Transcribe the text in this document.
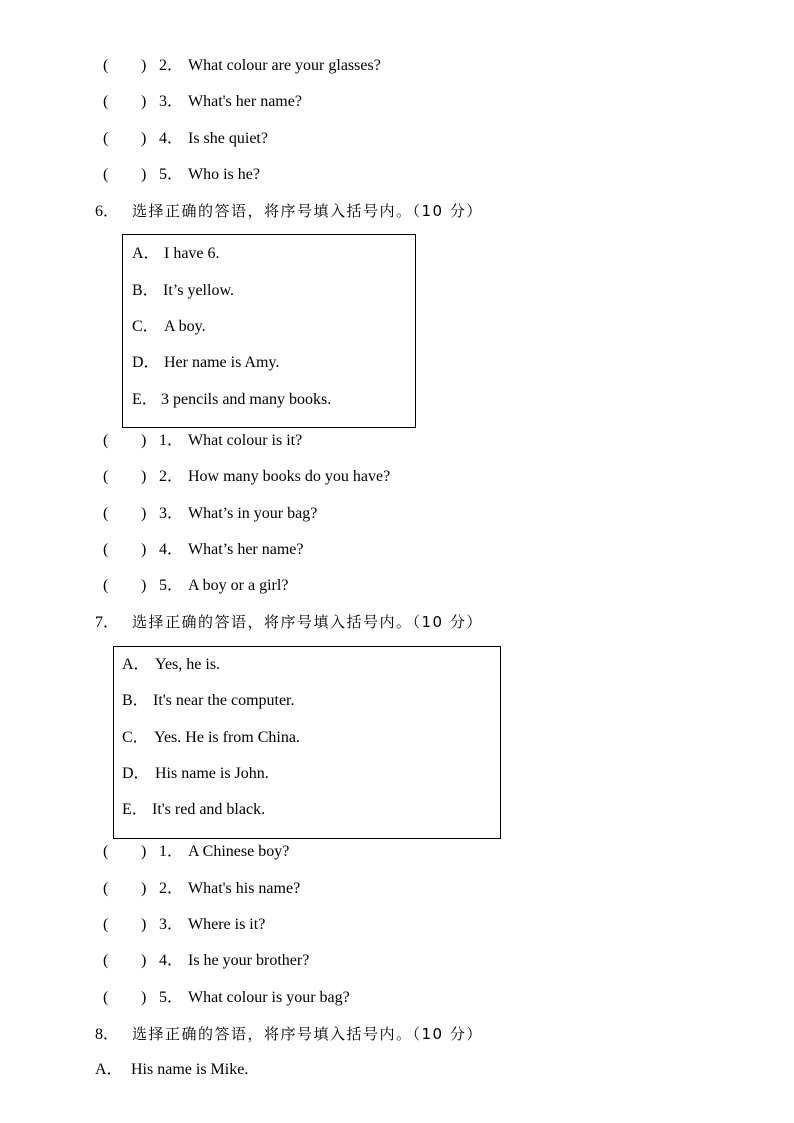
( ) 2． What colour are your glasses?
( ) 3． What's her name?
( ) 4． Is she quiet?
( ) 5． Who is he?
6． 选择正确的答语，将序号填入括号内。（10 分）
A． I have 6.
B． It’s yellow.
C． A boy.
D． Her name is Amy.
E． 3 pencils and many books.
( ) 1． What colour is it?
( ) 2． How many books do you have?
( ) 3． What’s in your bag?
( ) 4． What’s her name?
( ) 5． A boy or a girl?
7． 选择正确的答语，将序号填入括号内。（10 分）
A． Yes, he is.
B． It's near the computer.
C． Yes. He is from China.
D． His name is John.
E． It's red and black.
( ) 1． A Chinese boy?
( ) 2． What's his name?
( ) 3． Where is it?
( ) 4． Is he your brother?
( ) 5． What colour is your bag?
8． 选择正确的答语，将序号填入括号内。（10 分）
A． His name is Mike.
